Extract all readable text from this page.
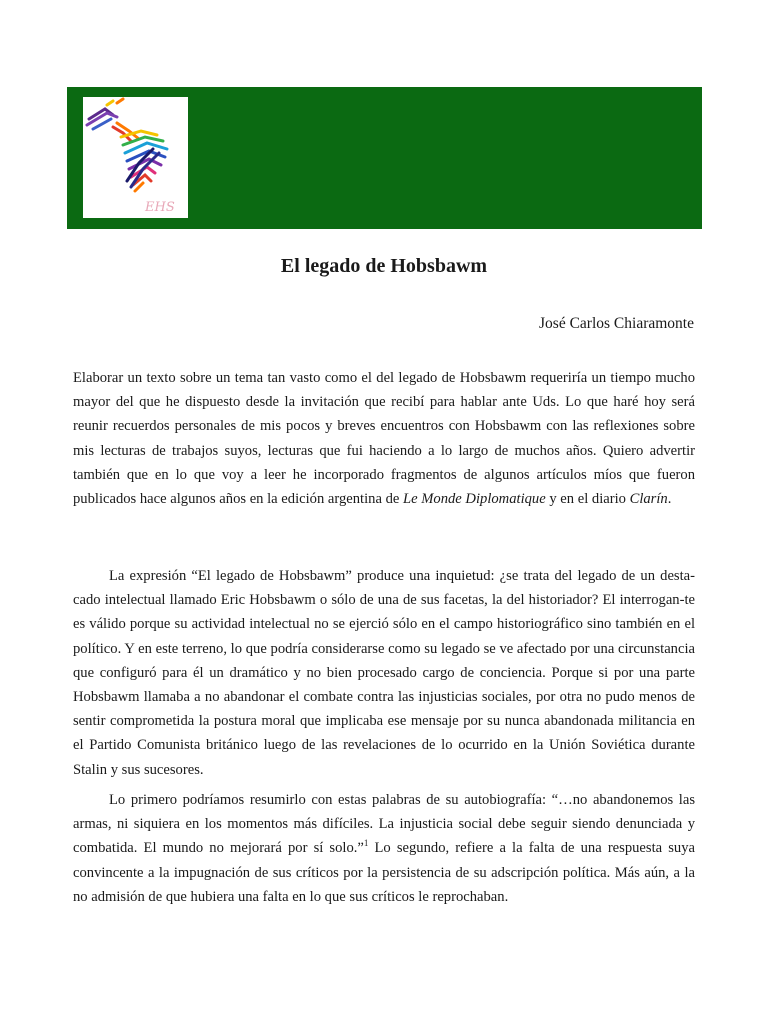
EHS
El legado de Hobsbawm

José Carlos Chiaramonte

Elaborar un texto sobre un tema tan vasto como el del legado de Hobsbawm requeriría un tiempo mucho mayor del que he dispuesto desde la invitación que recibí para hablar ante Uds. Lo que haré hoy será reunir recuerdos personales de mis pocos y breves encuentros con Hobsbawm con las reflexiones sobre mis lecturas de trabajos suyos, lecturas que fui haciendo a lo largo de muchos años. Quiero advertir también que en lo que voy a leer he incorporado fragmentos de algunos artículos míos que fueron publicados hace algunos años en la edición argentina de Le Monde Diplomatique y en el diario Clarín.

La expresión “El legado de Hobsbawm” produce una inquietud: ¿se trata del legado de un desta-cado intelectual llamado Eric Hobsbawm o sólo de una de sus facetas, la del historiador? El interrogan-te es válido porque su actividad intelectual no se ejerció sólo en el campo historiográfico sino también en el político. Y en este terreno, lo que podría considerarse como su legado se ve afectado por una circunstancia que configuró para él un dramático y no bien procesado cargo de conciencia. Porque si por una parte Hobsbawm llamaba a no abandonar el combate contra las injusticias sociales, por otra no pudo menos de sentir comprometida la postura moral que implicaba ese mensaje por su nunca abandonada militancia en el Partido Comunista británico luego de las revelaciones de lo ocurrido en la Unión Soviética durante Stalin y sus sucesores.

Lo primero podríamos resumirlo con estas palabras de su autobiografía: “…no abandonemos las armas, ni siquiera en los momentos más difíciles. La injusticia social debe seguir siendo denunciada y combatida. El mundo no mejorará por sí solo.”$^1$ Lo segundo, refiere a la falta de una respuesta suya convincente a la impugnación de sus críticos por la persistencia de su adscripción política. Más aún, a la no admisión de que hubiera una falta en lo que sus críticos le reprochaban.
